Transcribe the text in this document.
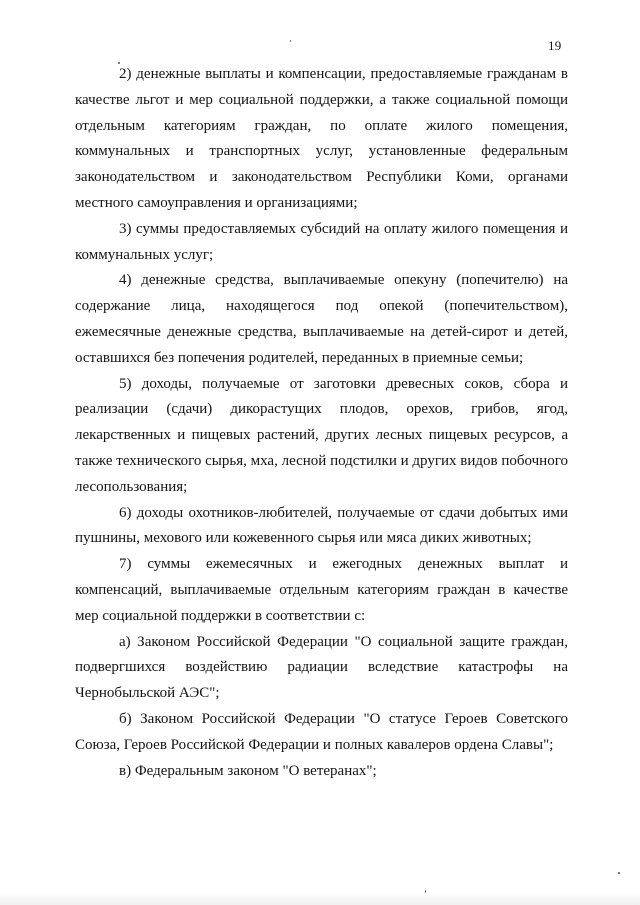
19

2) денежные выплаты и компенсации, предоставляемые гражданам в качестве льгот и мер социальной поддержки, а также социальной помощи отдельным категориям граждан, по оплате жилого помещения, коммунальных и транспортных услуг, установленные федеральным законодательством и законодательством Республики Коми, органами местного самоуправления и организациями;

3) суммы предоставляемых субсидий на оплату жилого помещения и коммунальных услуг;

4) денежные средства, выплачиваемые опекуну (попечителю) на содержание лица, находящегося под опекой (попечительством), ежемесячные денежные средства, выплачиваемые на детей-сирот и детей, оставшихся без попечения родителей, переданных в приемные семьи;

5) доходы, получаемые от заготовки древесных соков, сбора и реализации (сдачи) дикорастущих плодов, орехов, грибов, ягод, лекарственных и пищевых растений, других лесных пищевых ресурсов, а также технического сырья, мха, лесной подстилки и других видов побочного лесопользования;

6) доходы охотников-любителей, получаемые от сдачи добытых ими пушнины, мехового или кожевенного сырья или мяса диких животных;

7) суммы ежемесячных и ежегодных денежных выплат и компенсаций, выплачиваемые отдельным категориям граждан в качестве мер социальной поддержки в соответствии с:

а) Законом Российской Федерации "О социальной защите граждан, подвергшихся воздействию радиации вследствие катастрофы на Чернобыльской АЭС";

б) Законом Российской Федерации "О статусе Героев Советского Союза, Героев Российской Федерации и полных кавалеров ордена Славы";

в) Федеральным законом "О ветеранах";
